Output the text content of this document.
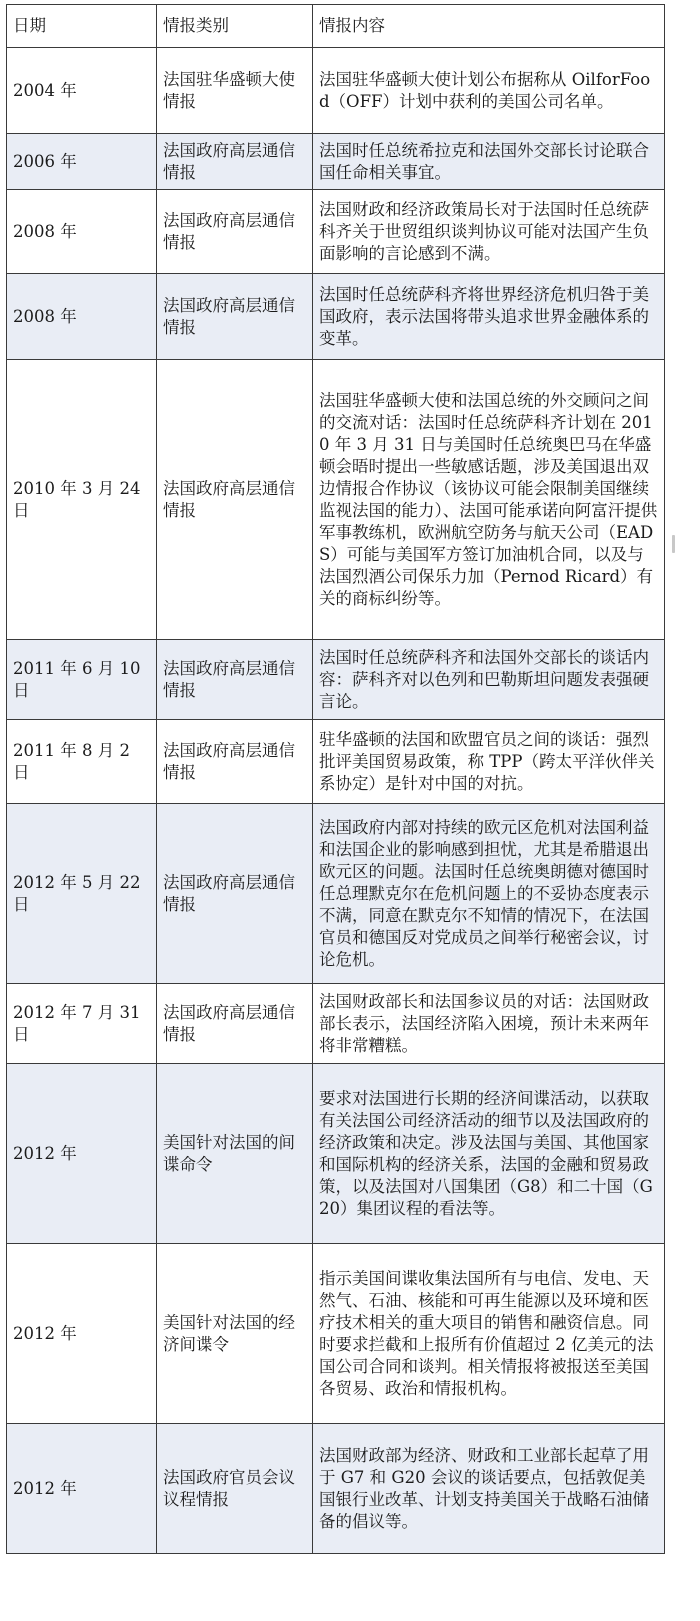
日期	情报类别	情报内容
2004 年	法国驻华盛顿大使情报	法国驻华盛顿大使计划公布据称从 OilforFood（OFF）计划中获利的美国公司名单。
2006 年	法国政府高层通信情报	法国时任总统希拉克和法国外交部长讨论联合国任命相关事宜。
2008 年	法国政府高层通信情报	法国财政和经济政策局长对于法国时任总统萨科齐关于世贸组织谈判协议可能对法国产生负面影响的言论感到不满。
2008 年	法国政府高层通信情报	法国时任总统萨科齐将世界经济危机归咎于美国政府，表示法国将带头追求世界金融体系的变革。
2010 年 3 月 24 日	法国政府高层通信情报	法国驻华盛顿大使和法国总统的外交顾问之间的交流对话：法国时任总统萨科齐计划在 2010 年 3 月 31 日与美国时任总统奥巴马在华盛顿会晤时提出一些敏感话题，涉及美国退出双边情报合作协议（该协议可能会限制美国继续监视法国的能力）、法国可能承诺向阿富汗提供军事教练机，欧洲航空防务与航天公司（EADS）可能与美国军方签订加油机合同，以及与法国烈酒公司保乐力加（Pernod Ricard）有关的商标纠纷等。
2011 年 6 月 10 日	法国政府高层通信情报	法国时任总统萨科齐和法国外交部长的谈话内容：萨科齐对以色列和巴勒斯坦问题发表强硬言论。
2011 年 8 月 2 日	法国政府高层通信情报	驻华盛顿的法国和欧盟官员之间的谈话：强烈批评美国贸易政策，称 TPP（跨太平洋伙伴关系协定）是针对中国的对抗。
2012 年 5 月 22 日	法国政府高层通信情报	法国政府内部对持续的欧元区危机对法国利益和法国企业的影响感到担忧，尤其是希腊退出欧元区的问题。法国时任总统奥朗德对德国时任总理默克尔在危机问题上的不妥协态度表示不满，同意在默克尔不知情的情况下，在法国官员和德国反对党成员之间举行秘密会议，讨论危机。
2012 年 7 月 31 日	法国政府高层通信情报	法国财政部长和法国参议员的对话：法国财政部长表示，法国经济陷入困境，预计未来两年将非常糟糕。
2012 年	美国针对法国的间谍命令	要求对法国进行长期的经济间谍活动，以获取有关法国公司经济活动的细节以及法国政府的经济政策和决定。涉及法国与美国、其他国家和国际机构的经济关系，法国的金融和贸易政策，以及法国对八国集团（G8）和二十国（G20）集团议程的看法等。
2012 年	美国针对法国的经济间谍令	指示美国间谍收集法国所有与电信、发电、天然气、石油、核能和可再生能源以及环境和医疗技术相关的重大项目的销售和融资信息。同时要求拦截和上报所有价值超过 2 亿美元的法国公司合同和谈判。相关情报将被报送至美国各贸易、政治和情报机构。
2012 年	法国政府官员会议议程情报	法国财政部为经济、财政和工业部长起草了用于 G7 和 G20 会议的谈话要点，包括敦促美国银行业改革、计划支持美国关于战略石油储备的倡议等。
